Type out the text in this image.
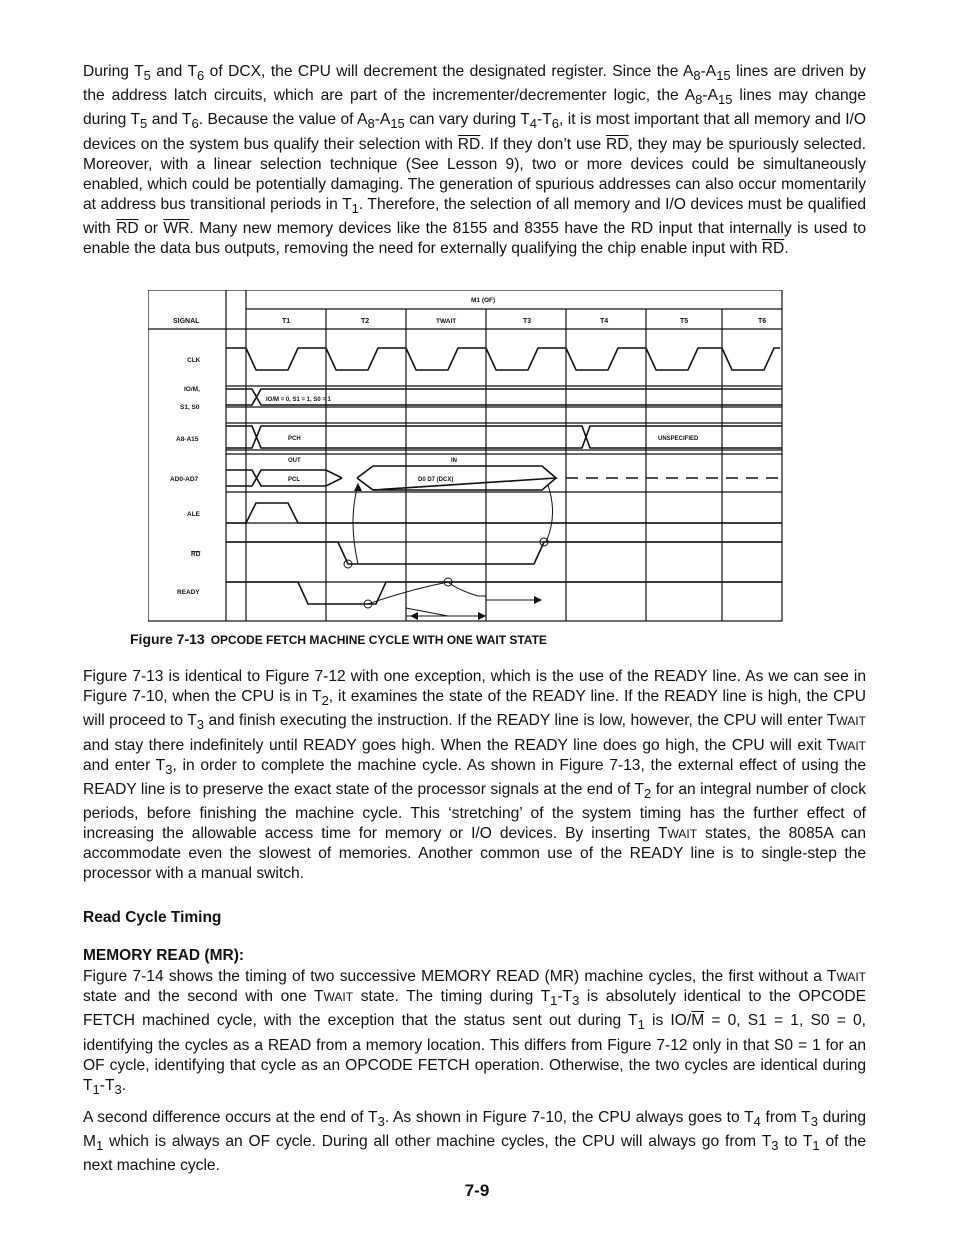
During $T_5$ and $T_6$ of DCX, the CPU will decrement the designated register. Since the $A_8-A_{15}$ lines are driven by the address latch circuits, which are part of the incrementer/decrementer logic, the $A_8-A_{15}$ lines may change during $T_5$ and $T_6$. Because the value of $A_8-A_{15}$ can vary during $T_4-T_6$, it is most important that all memory and I/O devices on the system bus qualify their selection with $\overline{RD}$. If they don’t use $\overline{RD}$, they may be spuriously selected. Moreover, with a linear selection technique (See Lesson 9), two or more devices could be simultaneously enabled, which could be potentially damaging. The generation of spurious addresses can also occur momentarily at address bus transitional periods in $T_1$. Therefore, the selection of all memory and I/O devices must be qualified with $\overline{RD}$ or $\overline{WR}$. Many new memory devices like the 8155 and 8355 have the RD input that internally is used to enable the data bus outputs, removing the need for externally qualifying the chip enable input with $\overline{RD}$.

SIGNAL
M1 (OF)
T1	T2	TWAIT	T3	T4	T5	T6
CLK
IO/M,
S1, S0
A8-A15
AD0-AD7
ALE
RD
READY
IO/M = 0, S1 = 1, S0 = 1
PCH	UNSPECIFIED
OUT	IN
PCL	D0 D7 (DCX)
Figure 7-13 OPCODE FETCH MACHINE CYCLE WITH ONE WAIT STATE

Figure 7-13 is identical to Figure 7-12 with one exception, which is the use of the READY line. As we can see in Figure 7-10, when the CPU is in $T_2$, it examines the state of the READY line. If the READY line is high, the CPU will proceed to $T_3$ and finish executing the instruction. If the READY line is low, however, the CPU will enter TWAIT and stay there indefinitely until READY goes high. When the READY line does go high, the CPU will exit TWAIT and enter $T_3$, in order to complete the machine cycle. As shown in Figure 7-13, the external effect of using the READY line is to preserve the exact state of the processor signals at the end of $T_2$ for an integral number of clock periods, before finishing the machine cycle. This ‘stretching’ of the system timing has the further effect of increasing the allowable access time for memory or I/O devices. By inserting TWAIT states, the 8085A can accommodate even the slowest of memories. Another common use of the READY line is to single-step the processor with a manual switch.

Read Cycle Timing
MEMORY READ (MR):

Figure 7-14 shows the timing of two successive MEMORY READ (MR) machine cycles, the first without a TWAIT state and the second with one TWAIT state. The timing during $T_1-T_3$ is absolutely identical to the OPCODE FETCH machined cycle, with the exception that the status sent out during $T_1$ is $IO/\overline{M} = 0$, S1 = 1, S0 = 0, identifying the cycles as a READ from a memory location. This differs from Figure 7-12 only in that S0 = 1 for an OF cycle, identifying that cycle as an OPCODE FETCH operation. Otherwise, the two cycles are identical during $T_1-T_3$.

A second difference occurs at the end of $T_3$. As shown in Figure 7-10, the CPU always goes to $T_4$ from $T_3$ during $M_1$ which is always an OF cycle. During all other machine cycles, the CPU will always go from $T_3$ to $T_1$ of the next machine cycle.

7-9
